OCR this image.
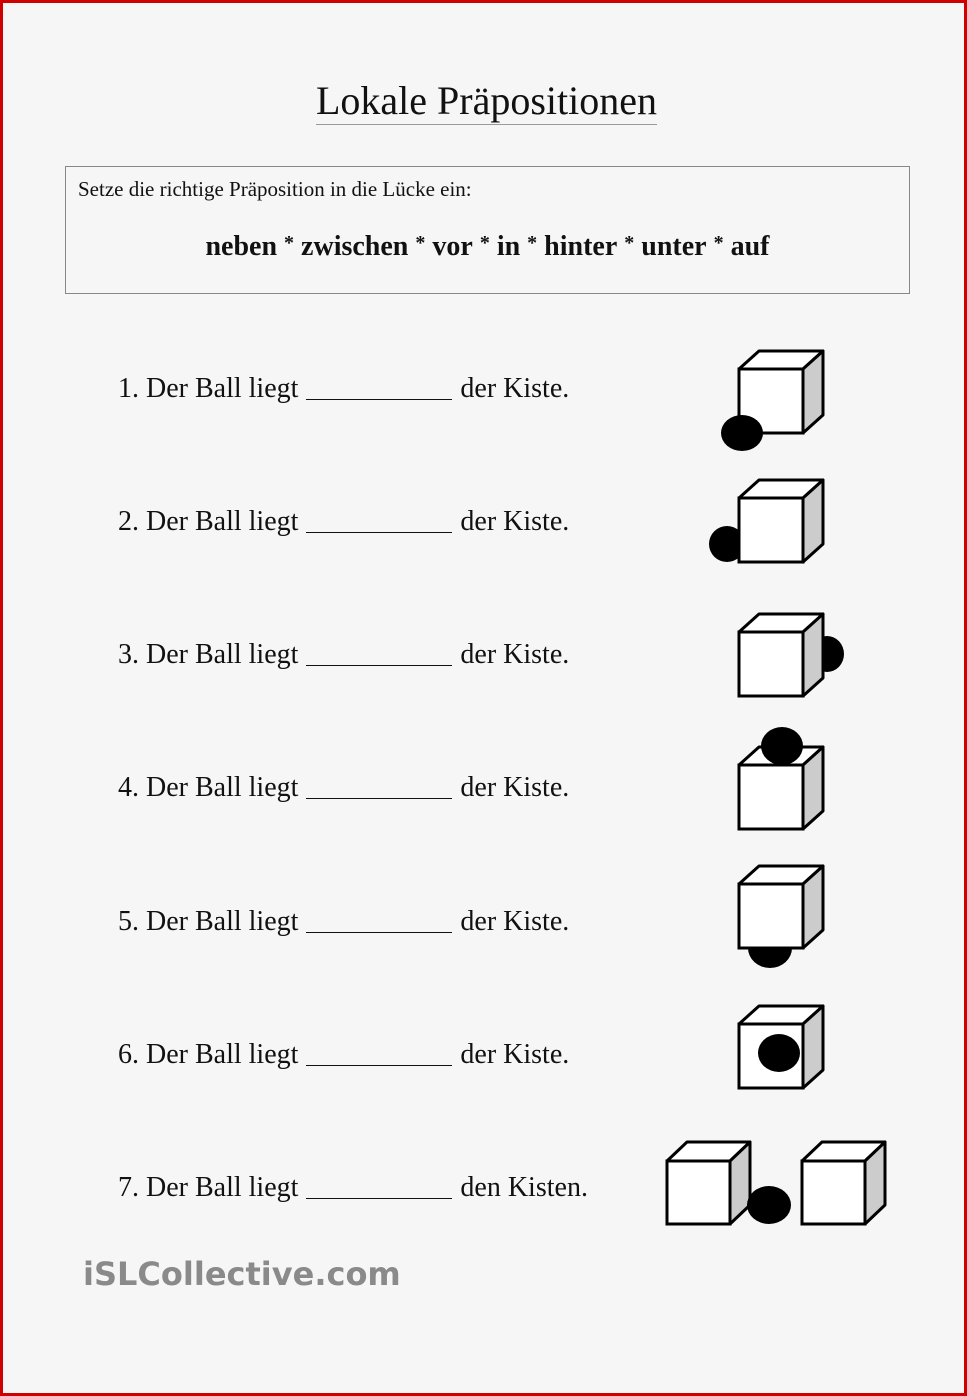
Lokale Präpositionen
Setze die richtige Präposition in die Lücke ein:
neben * zwischen * vor * in * hinter * unter * auf
1. Der Ball liegt	der Kiste.
2. Der Ball liegt	der Kiste.
3. Der Ball liegt	der Kiste.
4. Der Ball liegt	der Kiste.
5. Der Ball liegt	der Kiste.
6. Der Ball liegt	der Kiste.
7. Der Ball liegt	den Kisten.
iSLCollective.com
